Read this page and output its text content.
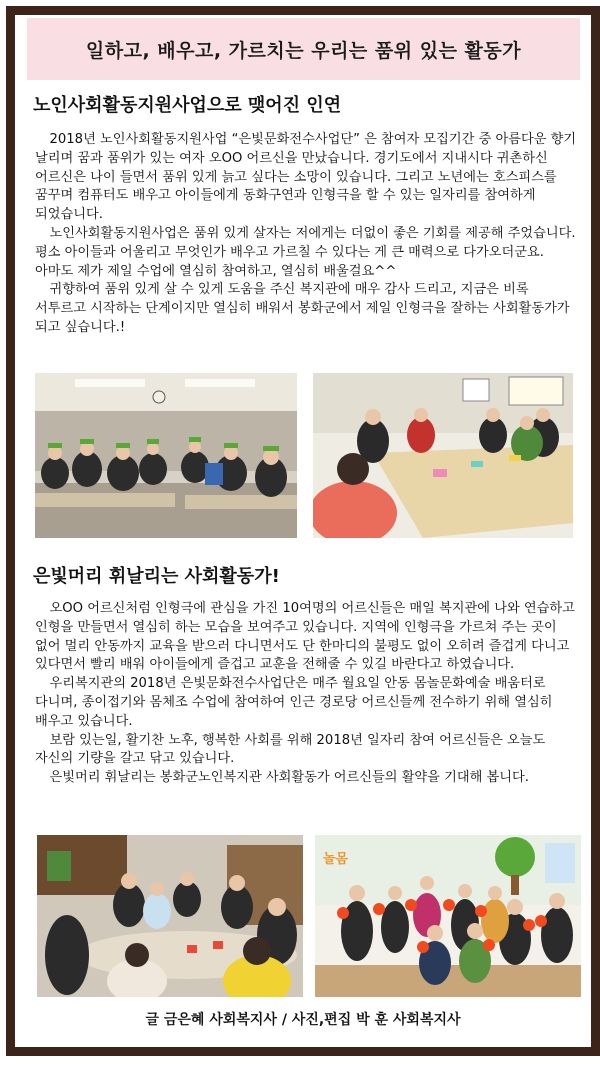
일하고, 배우고, 가르치는 우리는 품위 있는 활동가
노인사회활동지원사업으로 맺어진 인연

2018년 노인사회활동지원사업 “은빛문화전수사업단” 은 참여자 모집기간 중 아름다운 향기 날리며 꿈과 품위가 있는 여자 오OO 어르신을 만났습니다. 경기도에서 지내시다 귀촌하신 어르신은 나이 들면서 품위 있게 늙고 싶다는 소망이 있습니다. 그리고 노년에는 호스피스를 꿈꾸며 컴퓨터도 배우고 아이들에게 동화구연과 인형극을 할 수 있는 일자리를 참여하게 되었습니다.

노인사회활동지원사업은 품위 있게 살자는 저에게는 더없이 좋은 기회를 제공해 주었습니다. 평소 아이들과 어울리고 무엇인가 배우고 가르칠 수 있다는 게 큰 매력으로 다가오더군요. 아마도 제가 제일 수업에 열심히 참여하고, 열심히 배울걸요^^

귀향하여 품위 있게 살 수 있게 도움을 주신 복지관에 매우 감사 드리고, 지금은 비록 서투르고 시작하는 단계이지만 열심히 배워서 봉화군에서 제일 인형극을 잘하는 사회활동가가 되고 싶습니다.!

은빛머리 휘날리는 사회활동가!

오OO 어르신처럼 인형극에 관심을 가진 10여명의 어르신들은 매일 복지관에 나와 연습하고 인형을 만들면서 열심히 하는 모습을 보여주고 있습니다. 지역에 인형극을 가르쳐 주는 곳이 없어 멀리 안동까지 교육을 받으러 다니면서도 단 한마디의 불평도 없이 오히려 즐겁게 다니고 있다면서 빨리 배워 아이들에게 즐겁고 교훈을 전해줄 수 있길 바란다고 하였습니다.

우리복지관의 2018년 은빛문화전수사업단은 매주 월요일 안동 몸놀문화예술 배움터로 다니며, 종이접기와 몸체조 수업에 참여하여 인근 경로당 어르신들께 전수하기 위해 열심히 배우고 있습니다.

보람 있는일, 활기찬 노후, 행복한 사회를 위해 2018년 일자리 참여 어르신들은 오늘도 자신의 기량을 갈고 닦고 있습니다.

은빛머리 휘날리는 봉화군노인복지관 사회활동가 어르신들의 활약을 기대해 봅니다.

놀몸
글 금은혜 사회복지사 / 사진,편집 박 훈 사회복지사
